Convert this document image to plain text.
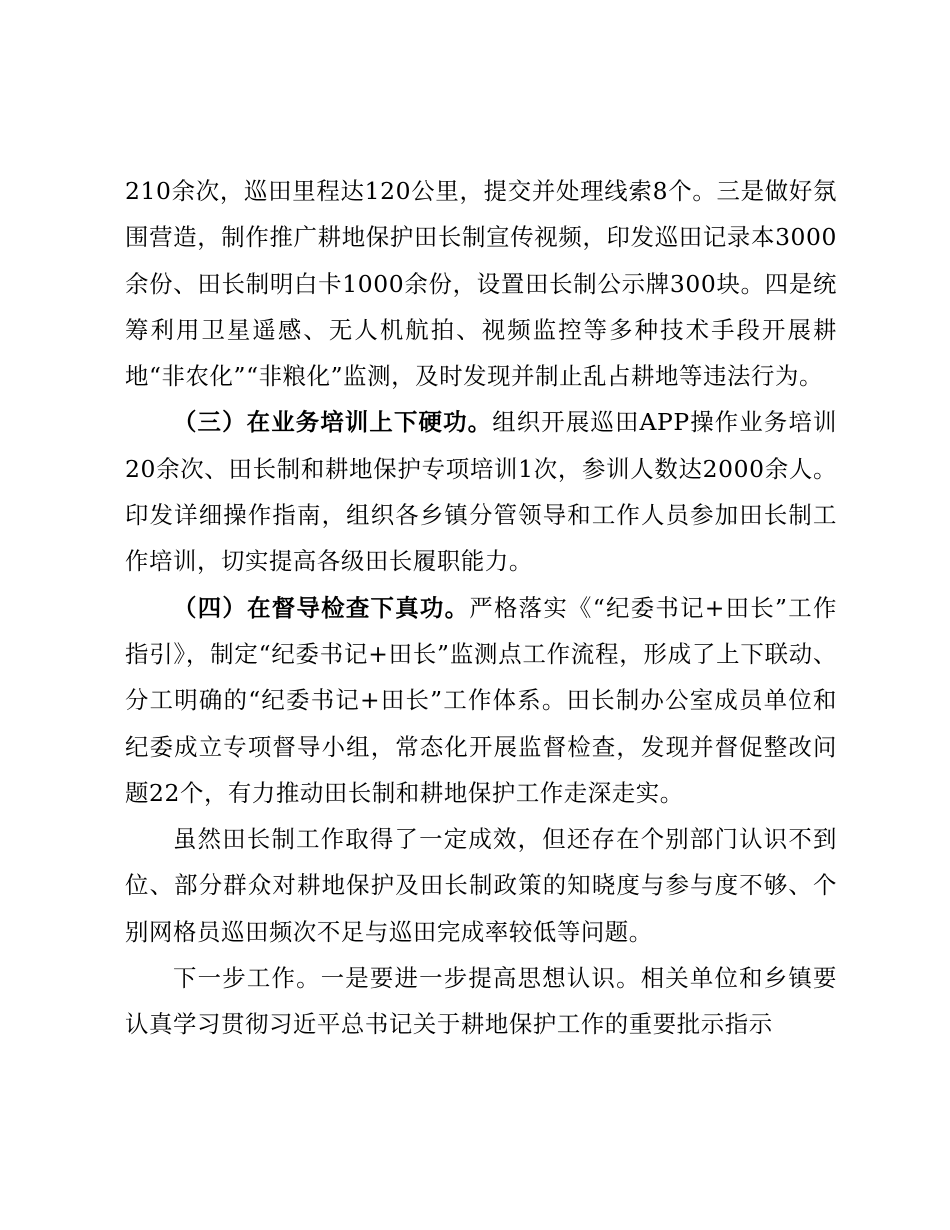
210余次，巡田里程达120公里，提交并处理线索8个。三是做好氛围营造，制作推广耕地保护田长制宣传视频，印发巡田记录本3000余份、田长制明白卡1000余份，设置田长制公示牌300块。四是统筹利用卫星遥感、无人机航拍、视频监控等多种技术手段开展耕地“非农化”“非粮化”监测，及时发现并制止乱占耕地等违法行为。

（三）在业务培训上下硬功。组织开展巡田APP操作业务培训20余次、田长制和耕地保护专项培训1次，参训人数达2000余人。印发详细操作指南，组织各乡镇分管领导和工作人员参加田长制工作培训，切实提高各级田长履职能力。

（四）在督导检查下真功。严格落实《“纪委书记+田长”工作指引》，制定“纪委书记+田长”监测点工作流程，形成了上下联动、分工明确的“纪委书记+田长”工作体系。田长制办公室成员单位和纪委成立专项督导小组，常态化开展监督检查，发现并督促整改问题22个，有力推动田长制和耕地保护工作走深走实。

虽然田长制工作取得了一定成效，但还存在个别部门认识不到位、部分群众对耕地保护及田长制政策的知晓度与参与度不够、个别网格员巡田频次不足与巡田完成率较低等问题。

下一步工作。一是要进一步提高思想认识。相关单位和乡镇要认真学习贯彻习近平总书记关于耕地保护工作的重要批示指示
